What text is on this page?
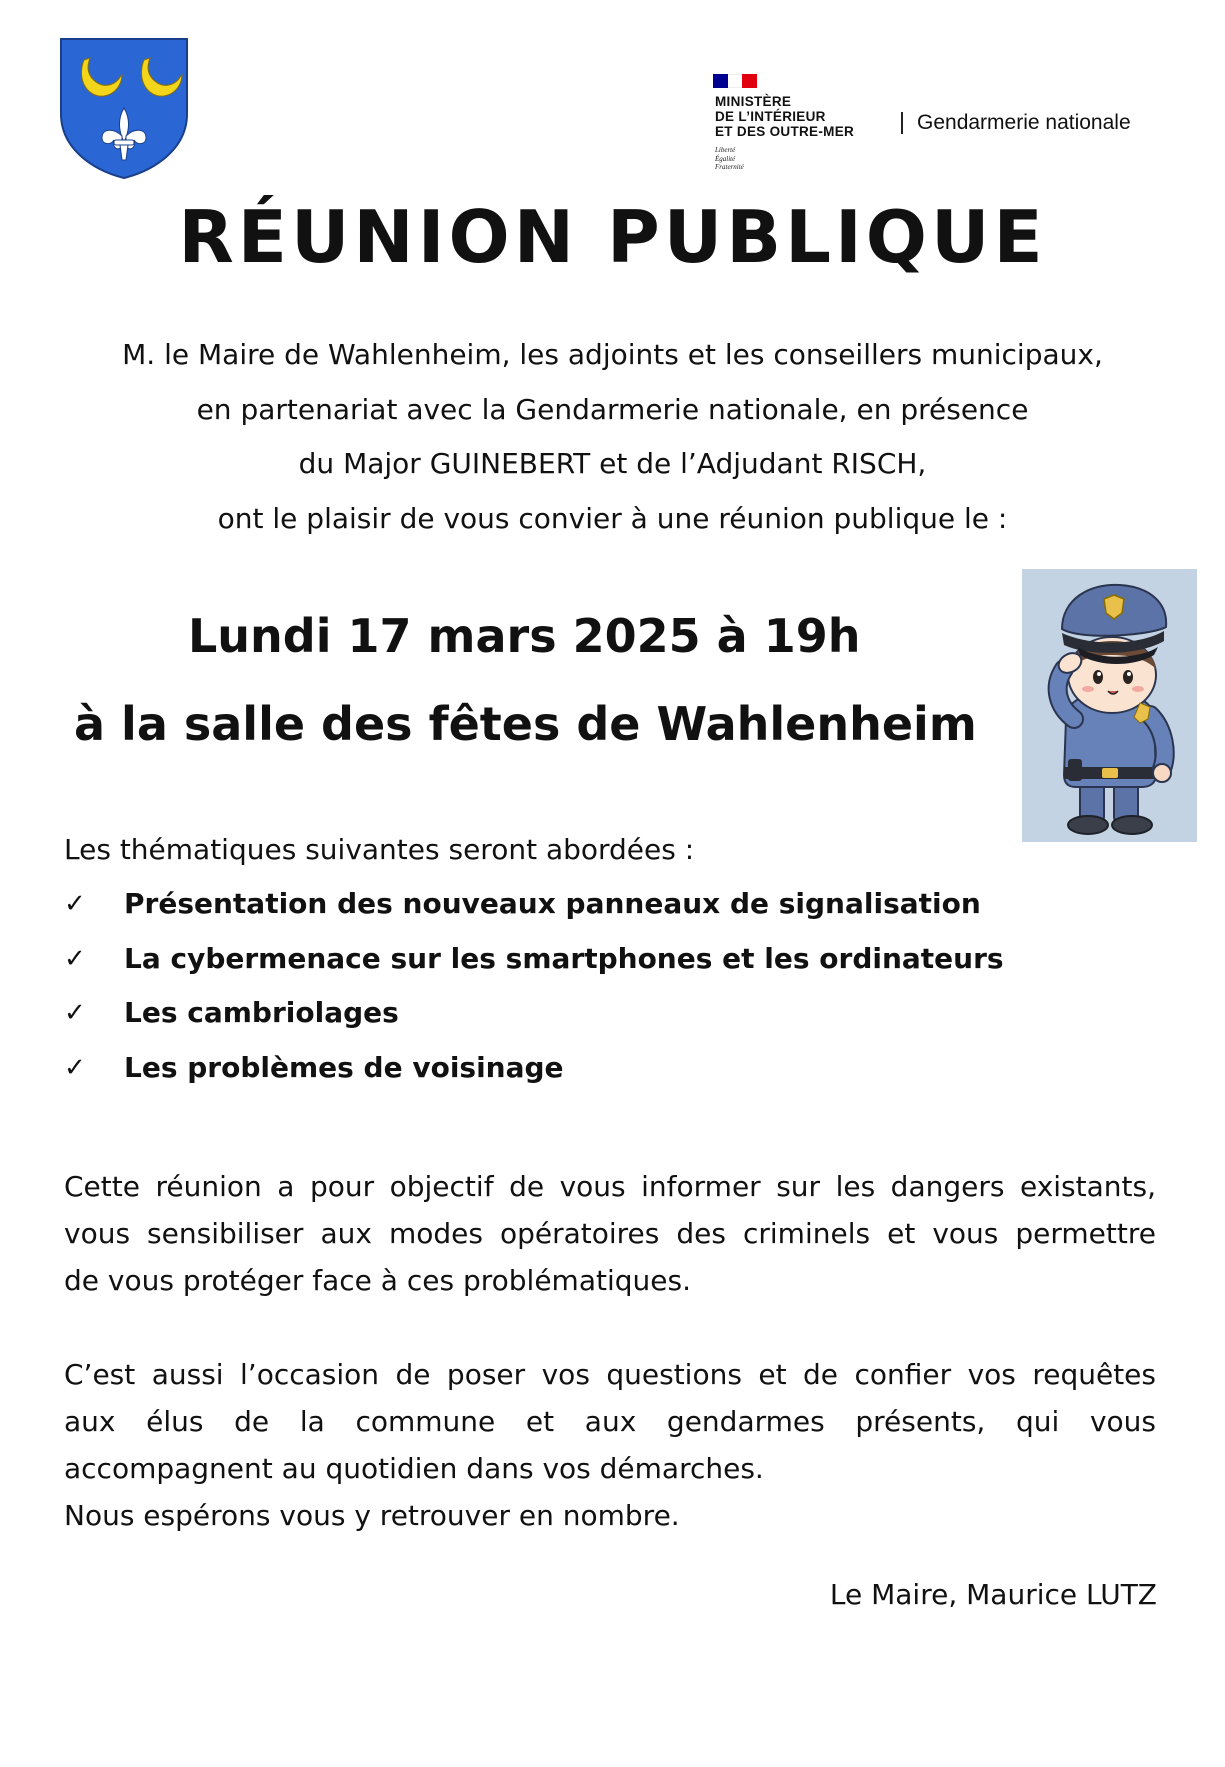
MINISTÈRE
DE L’INTÉRIEUR
ET DES OUTRE-MER
Liberté
Égalité
Fraternité
Gendarmerie nationale
RÉUNION PUBLIQUE
M. le Maire de Wahlenheim, les adjoints et les conseillers municipaux,
en partenariat avec la Gendarmerie nationale, en présence
du Major GUINEBERT et de l’Adjudant RISCH,
ont le plaisir de vous convier à une réunion publique le :
Lundi 17 mars 2025 à 19h
à la salle des fêtes de Wahlenheim
Les thématiques suivantes seront abordées :
✓ Présentation des nouveaux panneaux de signalisation
✓ La cybermenace sur les smartphones et les ordinateurs
✓ Les cambriolages
✓ Les problèmes de voisinage
Cette réunion a pour objectif de vous informer sur les dangers existants,
vous sensibiliser aux modes opératoires des criminels et vous permettre
de vous protéger face à ces problématiques.
C’est aussi l’occasion de poser vos questions et de confier vos requêtes
aux élus de la commune et aux gendarmes présents, qui vous
accompagnent au quotidien dans vos démarches.
Nous espérons vous y retrouver en nombre.
Le Maire, Maurice LUTZ
